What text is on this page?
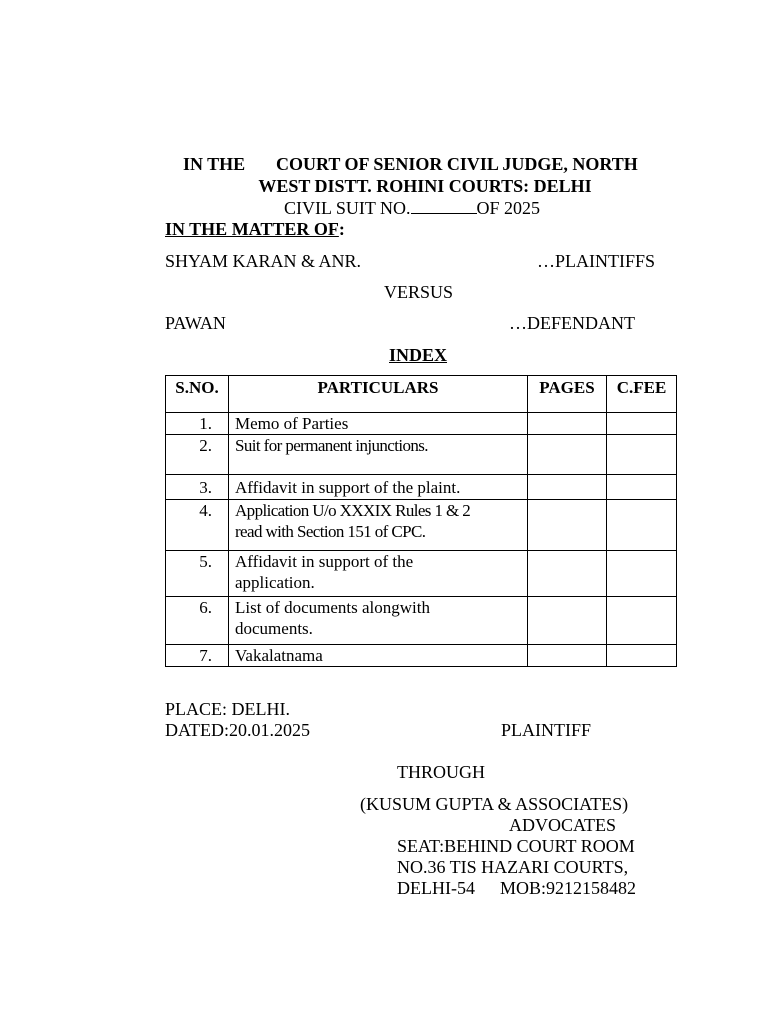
IN THE COURT OF SENIOR CIVIL JUDGE, NORTH
WEST DISTT. ROHINI COURTS: DELHI
CIVIL SUIT NO.	OF 2025
IN THE MATTER OF:
SHYAM KARAN & ANR.	…PLAINTIFFS
VERSUS
PAWAN	…DEFENDANT
INDEX
S.NO.	PARTICULARS	PAGES	C.FEE
1.	Memo of Parties		
2.	Suit for permanent injunctions.		
3.	Affidavit in support of the plaint.		
4.	Application U/o XXXIX Rules 1 & 2
read with Section 151 of CPC.		

5.	Affidavit in support of the
application.		

6.	List of documents alongwith
documents.		

7.	Vakalatnama		
PLACE: DELHI.
DATED:20.01.2025	PLAINTIFF
THROUGH
(KUSUM GUPTA & ASSOCIATES)
ADVOCATES
SEAT:BEHIND COURT ROOM
NO.36 TIS HAZARI COURTS,
DELHI-54 MOB:9212158482
